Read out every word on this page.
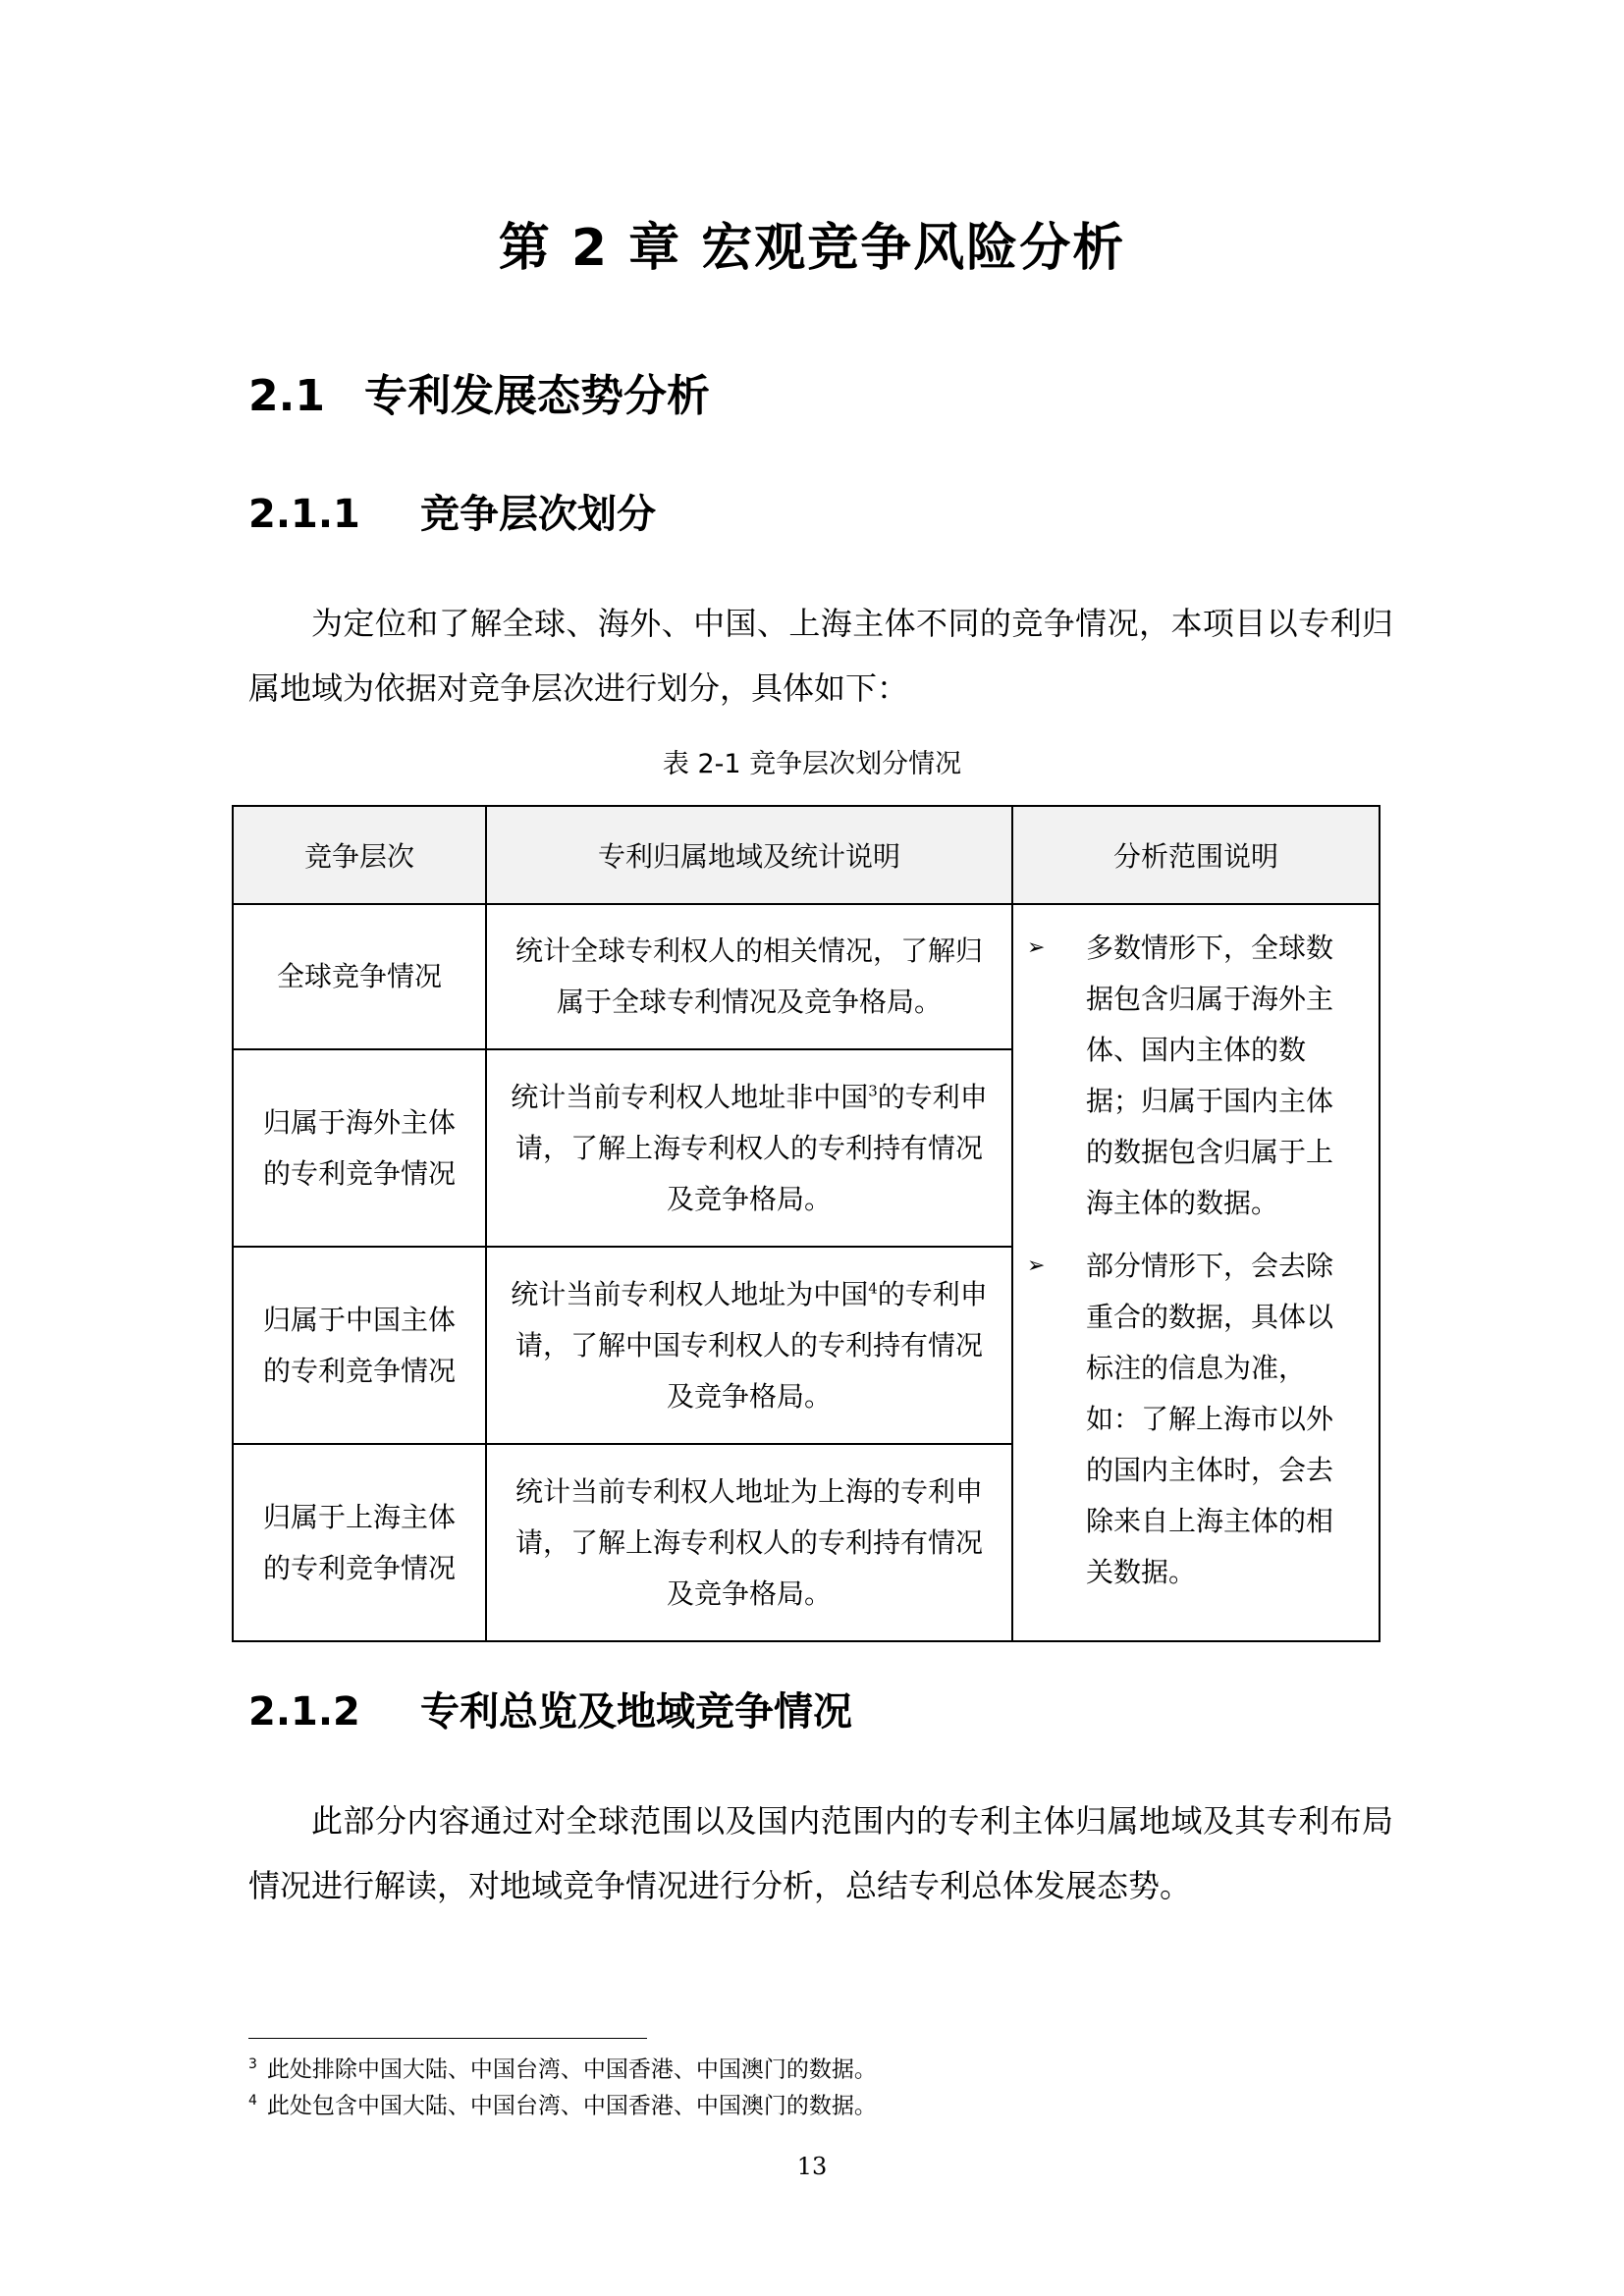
第 2 章 宏观竞争风险分析
2.1 专利发展态势分析
2.1.1 竞争层次划分
为定位和了解全球、海外、中国、上海主体不同的竞争情况，本项目以专利归属地域为依据对竞争层次进行划分，具体如下：
表 2-1 竞争层次划分情况
竞争层次	专利归属地域及统计说明	分析范围说明
全球竞争情况	统计全球专利权人的相关情况，了解归属于全球专利情况及竞争格局。	➢ 多数情形下，全球数据包含归属于海外主体、国内主体的数据；归属于国内主体的数据包含归属于上海主体的数据。
➢ 部分情形下，会去除重合的数据，具体以标注的信息为准，如：了解上海市以外的国内主体时，会去除来自上海主体的相关数据。

归属于海外主体的专利竞争情况	统计当前专利权人地址非中国$^3$的专利申请，了解上海专利权人的专利持有情况及竞争格局。	
归属于中国主体的专利竞争情况	统计当前专利权人地址为中国$^4$的专利申请，了解中国专利权人的专利持有情况及竞争格局。	
归属于上海主体的专利竞争情况	统计当前专利权人地址为上海的专利申请，了解上海专利权人的专利持有情况及竞争格局。	
2.1.2 专利总览及地域竞争情况
此部分内容通过对全球范围以及国内范围内的专利主体归属地域及其专利布局情况进行解读，对地域竞争情况进行分析，总结专利总体发展态势。
$^3$ 此处排除中国大陆、中国台湾、中国香港、中国澳门的数据。
$^4$ 此处包含中国大陆、中国台湾、中国香港、中国澳门的数据。
13
